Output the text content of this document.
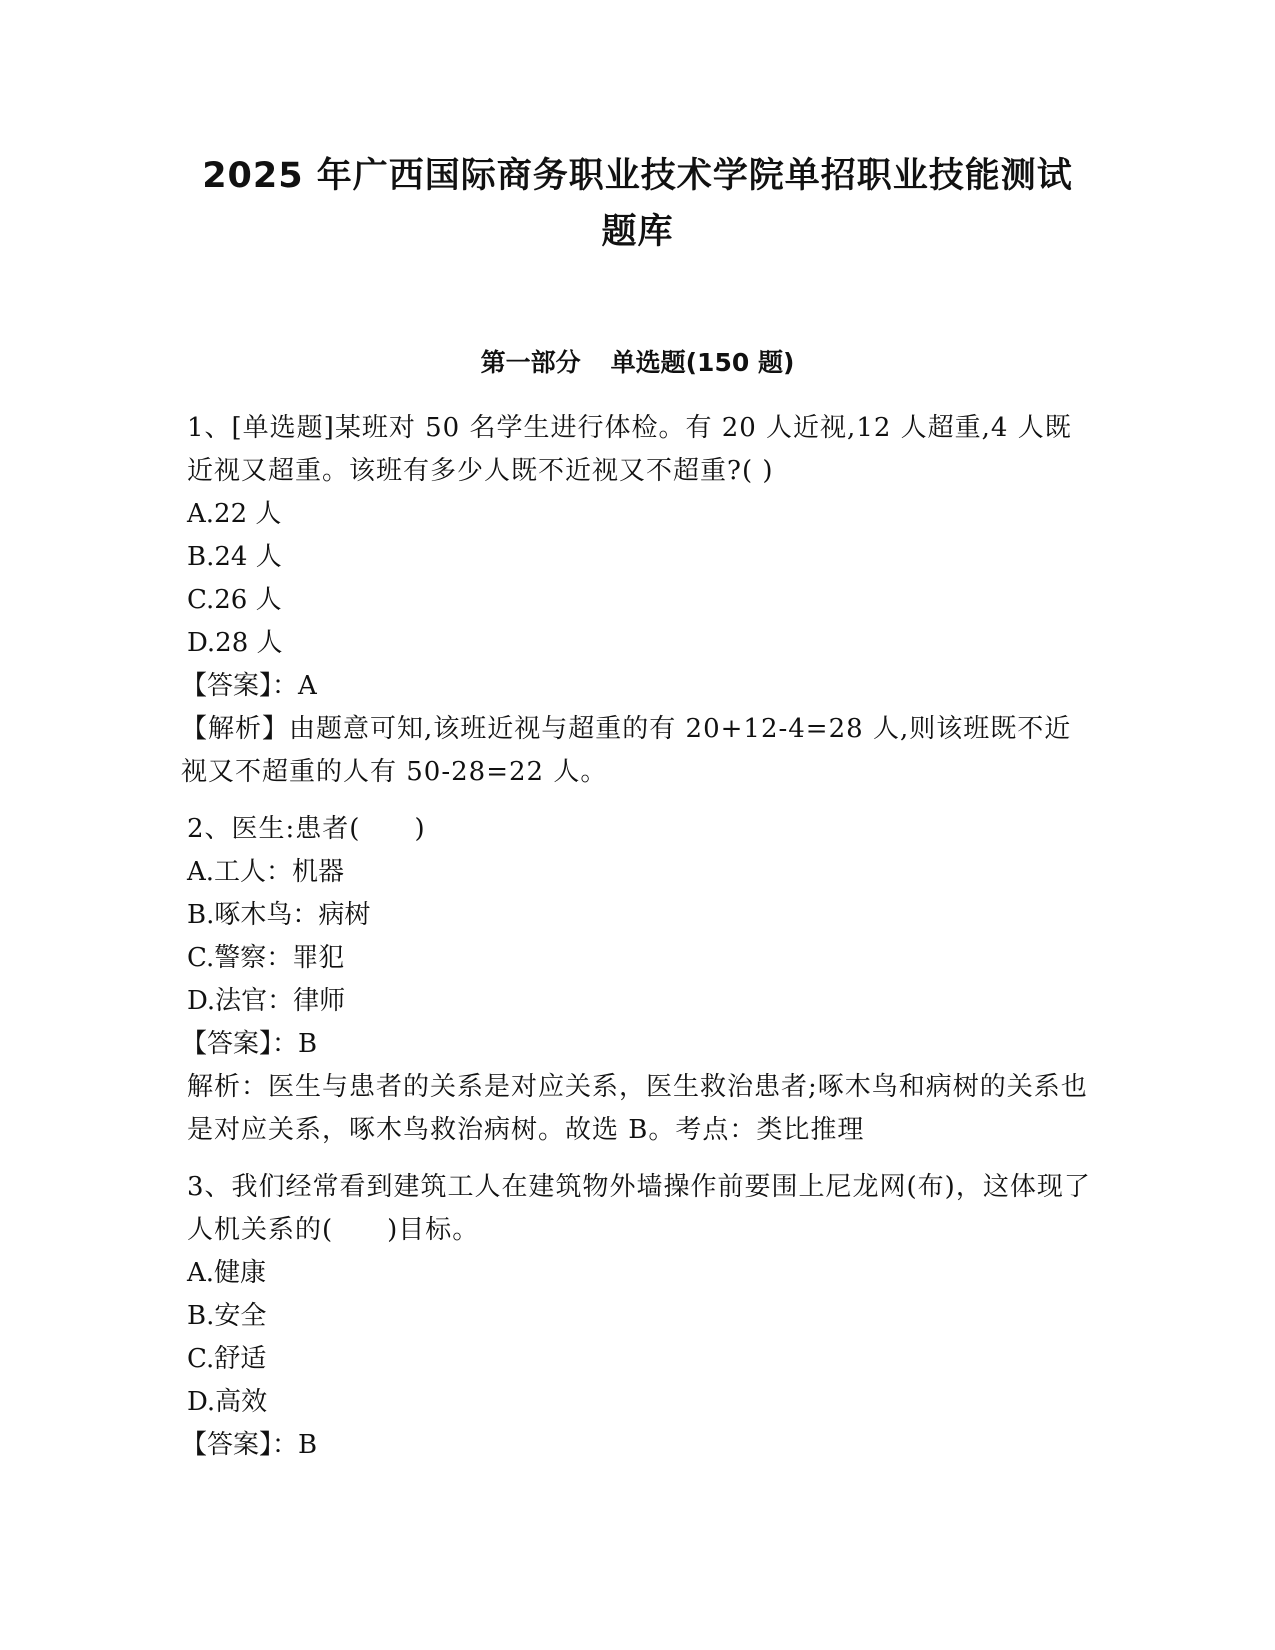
2025 年广西国际商务职业技术学院单招职业技能测试
题库
第一部分 单选题(150 题)

1、[单选题]某班对 50 名学生进行体检。有 20 人近视,12 人超重,4 人既近视又超重。该班有多少人既不近视又不超重?( )

A.22 人

B.24 人

C.26 人

D.28 人

【答案】：A

【解析】由题意可知,该班近视与超重的有 20+12-4=28 人,则该班既不近视又不超重的人有 50-28=22 人。

2、医生:患者(　　)

A.工人：机器

B.啄木鸟：病树

C.警察：罪犯

D.法官：律师

【答案】：B

解析：医生与患者的关系是对应关系，医生救治患者;啄木鸟和病树的关系也是对应关系，啄木鸟救治病树。故选 B。考点：类比推理

3、我们经常看到建筑工人在建筑物外墙操作前要围上尼龙网(布)，这体现了人机关系的(　　)目标。

A.健康

B.安全

C.舒适

D.高效

【答案】：B
